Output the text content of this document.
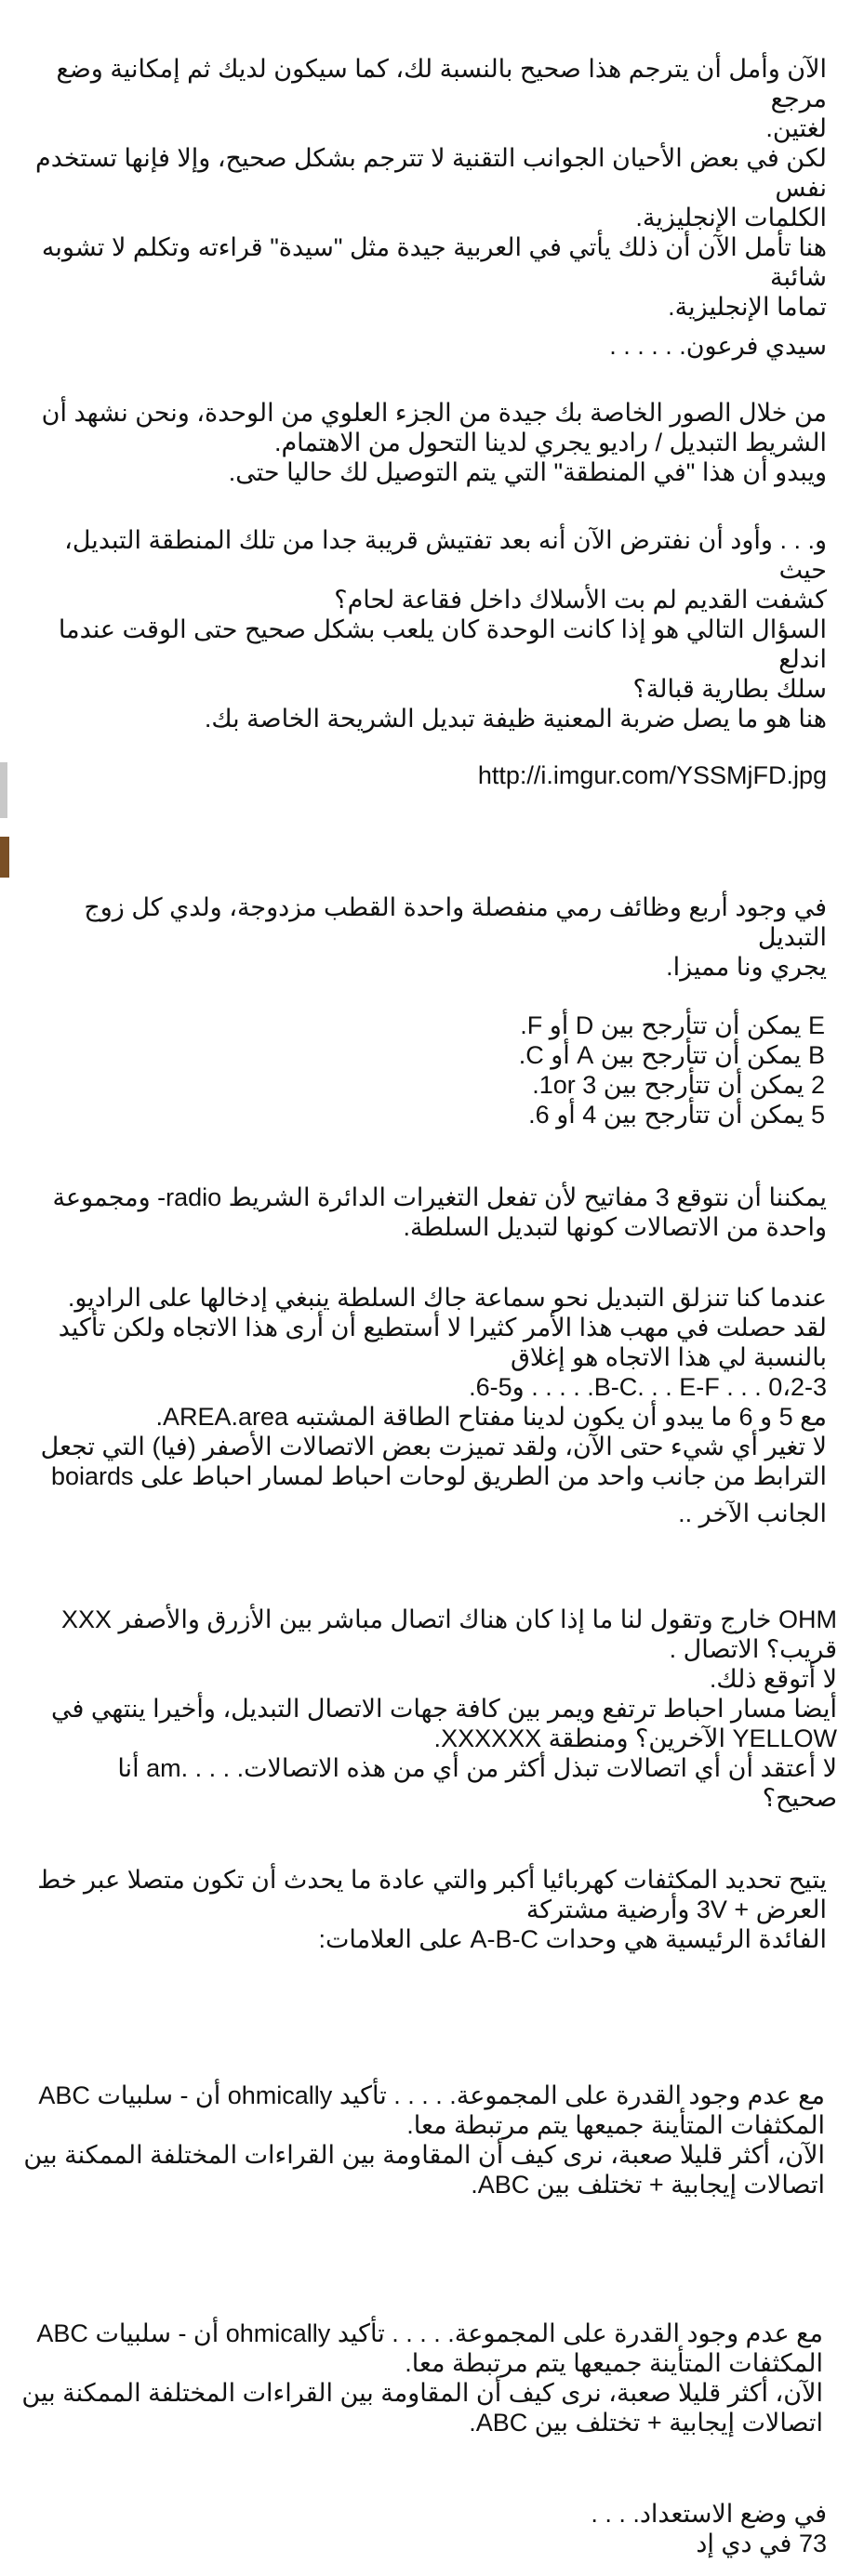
الآن وأمل أن يترجم هذا صحيح بالنسبة لك، كما سيكون لديك ثم إمكانية وضع مرجع
لغتين.
لكن في بعض الأحيان الجوانب التقنية لا تترجم بشكل صحيح، وإلا فإنها تستخدم نفس
الكلمات الإنجليزية.
هنا تأمل الآن أن ذلك يأتي في العربية جيدة مثل "سيدة" قراءته وتكلم لا تشوبه شائبة
تماما الإنجليزية.
سيدي فرعون. . . . . .
من خلال الصور الخاصة بك جيدة من الجزء العلوي من الوحدة، ونحن نشهد أن
الشريط التبديل / راديو يجري لدينا التحول من الاهتمام.
ويبدو أن هذا "في المنطقة" التي يتم التوصيل لك حاليا حتى.
و. . . وأود أن نفترض الآن أنه بعد تفتيش قريبة جدا من تلك المنطقة التبديل، حيث
كشفت القديم لم بت الأسلاك داخل فقاعة لحام؟
السؤال التالي هو إذا كانت الوحدة كان يلعب بشكل صحيح حتى الوقت عندما اندلع
سلك بطارية قبالة؟
هنا هو ما يصل ضربة المعنية ظيفة تبديل الشريحة الخاصة بك.
http://i.imgur.com/YSSMjFD.jpg
في وجود أربع وظائف رمي منفصلة واحدة القطب مزدوجة، ولدي كل زوج التبديل
يجري ونا مميزا.
E يمكن أن تتأرجح بين D أو F.
B يمكن أن تتأرجح بين A أو C.
2 يمكن أن تتأرجح بين 1or 3.
5 يمكن أن تتأرجح بين 4 أو 6.
يمكننا أن نتوقع 3 مفاتيح لأن تفعل التغيرات الدائرة الشريط radio- ومجموعة
واحدة من الاتصالات كونها لتبديل السلطة.
عندما كنا تنزلق التبديل نحو سماعة جاك السلطة ينبغي إدخالها على الراديو.
لقد حصلت في مهب هذا الأمر كثيرا لا أستطيع أن أرى هذا الاتجاه ولكن تأكيد
بالنسبة لي هذا الاتجاه هو إغلاق
0،2-3 . . . B-C. . . E-F. . . . . و5-6.
مع 5 و 6 ما يبدو أن يكون لدينا مفتاح الطاقة المشتبه AREA.area.
لا تغير أي شيء حتى الآن، ولقد تميزت بعض الاتصالات الأصفر (فيا) التي تجعل
الترابط من جانب واحد من الطريق لوحات احباط لمسار احباط على boiards
الجانب الآخر ..
OHM خارج وتقول لنا ما إذا كان هناك اتصال مباشر بين الأزرق والأصفر XXX
قريب؟ الاتصال .
لا أتوقع ذلك.
أيضا مسار احباط ترتفع ويمر بين كافة جهات الاتصال التبديل، وأخيرا ينتهي في
YELLOW الآخرين؟ ومنطقة XXXXXX.
لا أعتقد أن أي اتصالات تبذل أكثر من أي من هذه الاتصالات. . . . .am أنا
صحيح؟
يتيح تحديد المكثفات كهربائيا أكبر والتي عادة ما يحدث أن تكون متصلا عبر خط
العرض + 3V وأرضية مشتركة
الفائدة الرئيسية هي وحدات A-B-C على العلامات:
مع عدم وجود القدرة على المجموعة. . . . . تأكيد ohmically أن - سلبيات ABC
المكثفات المتأينة جميعها يتم مرتبطة معا.
الآن، أكثر قليلا صعبة، نرى كيف أن المقاومة بين القراءات المختلفة الممكنة بين
اتصالات إيجابية + تختلف بين ABC.
مع عدم وجود القدرة على المجموعة. . . . . تأكيد ohmically أن - سلبيات ABC
المكثفات المتأينة جميعها يتم مرتبطة معا.
الآن، أكثر قليلا صعبة، نرى كيف أن المقاومة بين القراءات المختلفة الممكنة بين
اتصالات إيجابية + تختلف بين ABC.
في وضع الاستعداد. . . .
73 في دي إد
